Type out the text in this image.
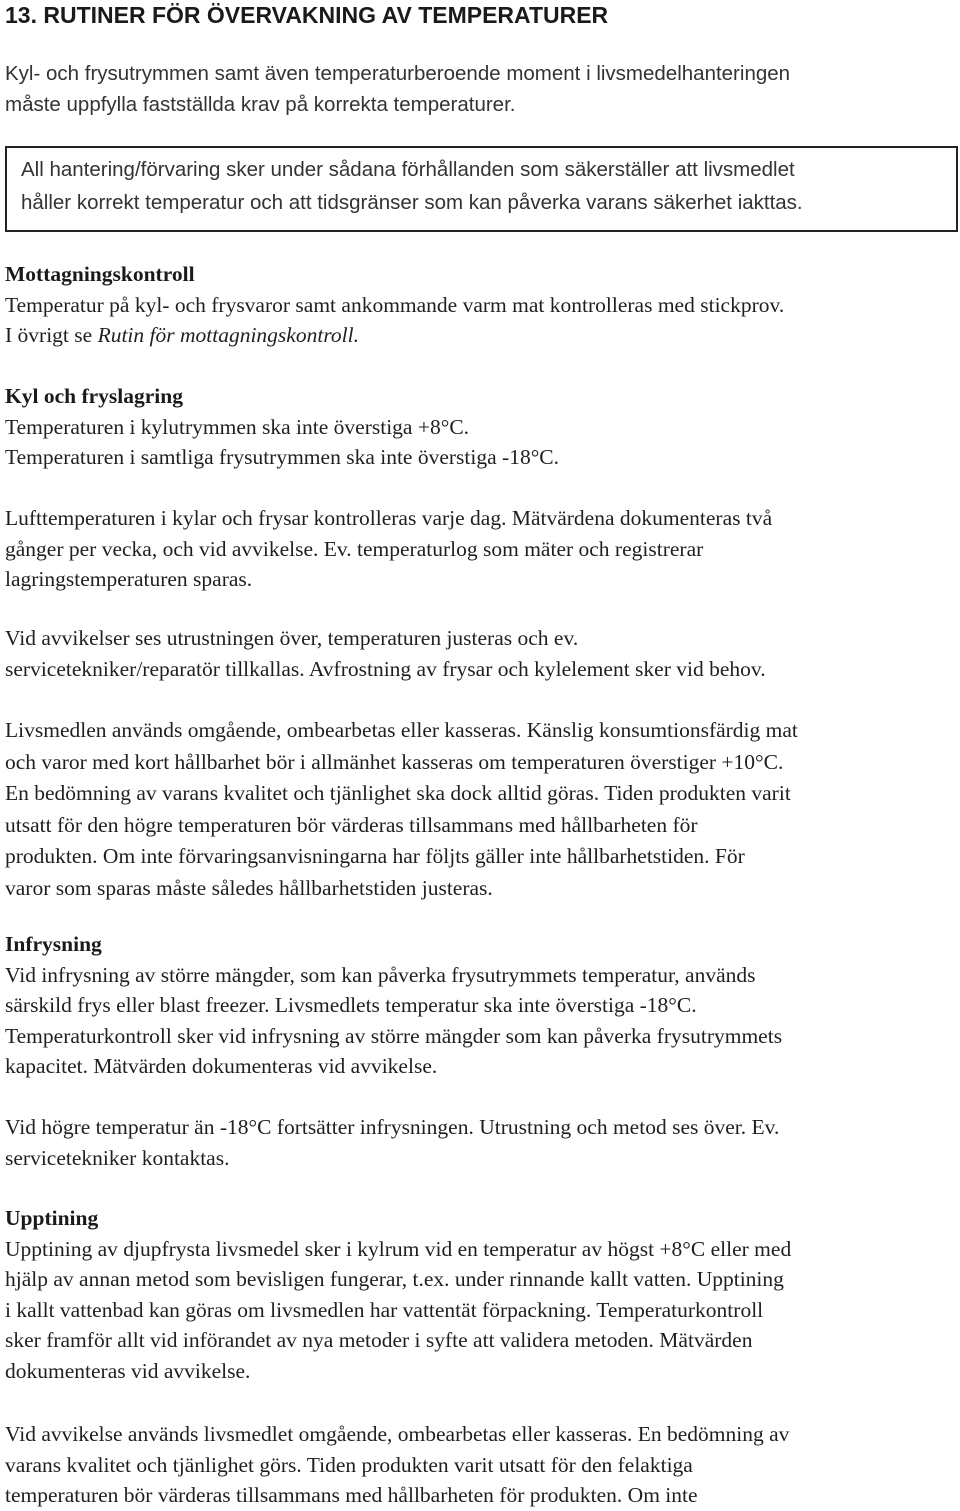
13. RUTINER FÖR ÖVERVAKNING AV TEMPERATURER

Kyl- och frysutrymmen samt även temperaturberoende moment i livsmedelhanteringen
måste uppfylla fastställda krav på korrekta temperaturer.

All hantering/förvaring sker under sådana förhållanden som säkerställer att livsmedlet
håller korrekt temperatur och att tidsgränser som kan påverka varans säkerhet iakttas.

Mottagningskontroll

Temperatur på kyl- och frysvaror samt ankommande varm mat kontrolleras med stickprov.
I övrigt se Rutin för mottagningskontroll.

Kyl och fryslagring

Temperaturen i kylutrymmen ska inte överstiga +8°C.
Temperaturen i samtliga frysutrymmen ska inte överstiga -18°C.

Lufttemperaturen i kylar och frysar kontrolleras varje dag. Mätvärdena dokumenteras två
gånger per vecka, och vid avvikelse. Ev. temperaturlog som mäter och registrerar
lagringstemperaturen sparas.

Vid avvikelser ses utrustningen över, temperaturen justeras och ev.
servicetekniker/reparatör tillkallas. Avfrostning av frysar och kylelement sker vid behov.

Livsmedlen används omgående, ombearbetas eller kasseras. Känslig konsumtionsfärdig mat
och varor med kort hållbarhet bör i allmänhet kasseras om temperaturen överstiger +10°C.
En bedömning av varans kvalitet och tjänlighet ska dock alltid göras. Tiden produkten varit
utsatt för den högre temperaturen bör värderas tillsammans med hållbarheten för
produkten. Om inte förvaringsanvisningarna har följts gäller inte hållbarhetstiden. För
varor som sparas måste således hållbarhetstiden justeras.

Infrysning

Vid infrysning av större mängder, som kan påverka frysutrymmets temperatur, används
särskild frys eller blast freezer. Livsmedlets temperatur ska inte överstiga -18°C.
Temperaturkontroll sker vid infrysning av större mängder som kan påverka frysutrymmets
kapacitet. Mätvärden dokumenteras vid avvikelse.

Vid högre temperatur än -18°C fortsätter infrysningen. Utrustning och metod ses över. Ev.
servicetekniker kontaktas.

Upptining

Upptining av djupfrysta livsmedel sker i kylrum vid en temperatur av högst +8°C eller med
hjälp av annan metod som bevisligen fungerar, t.ex. under rinnande kallt vatten. Upptining
i kallt vattenbad kan göras om livsmedlen har vattentät förpackning. Temperaturkontroll
sker framför allt vid införandet av nya metoder i syfte att validera metoden. Mätvärden
dokumenteras vid avvikelse.

Vid avvikelse används livsmedlet omgående, ombearbetas eller kasseras. En bedömning av
varans kvalitet och tjänlighet görs. Tiden produkten varit utsatt för den felaktiga
temperaturen bör värderas tillsammans med hållbarheten för produkten. Om inte
